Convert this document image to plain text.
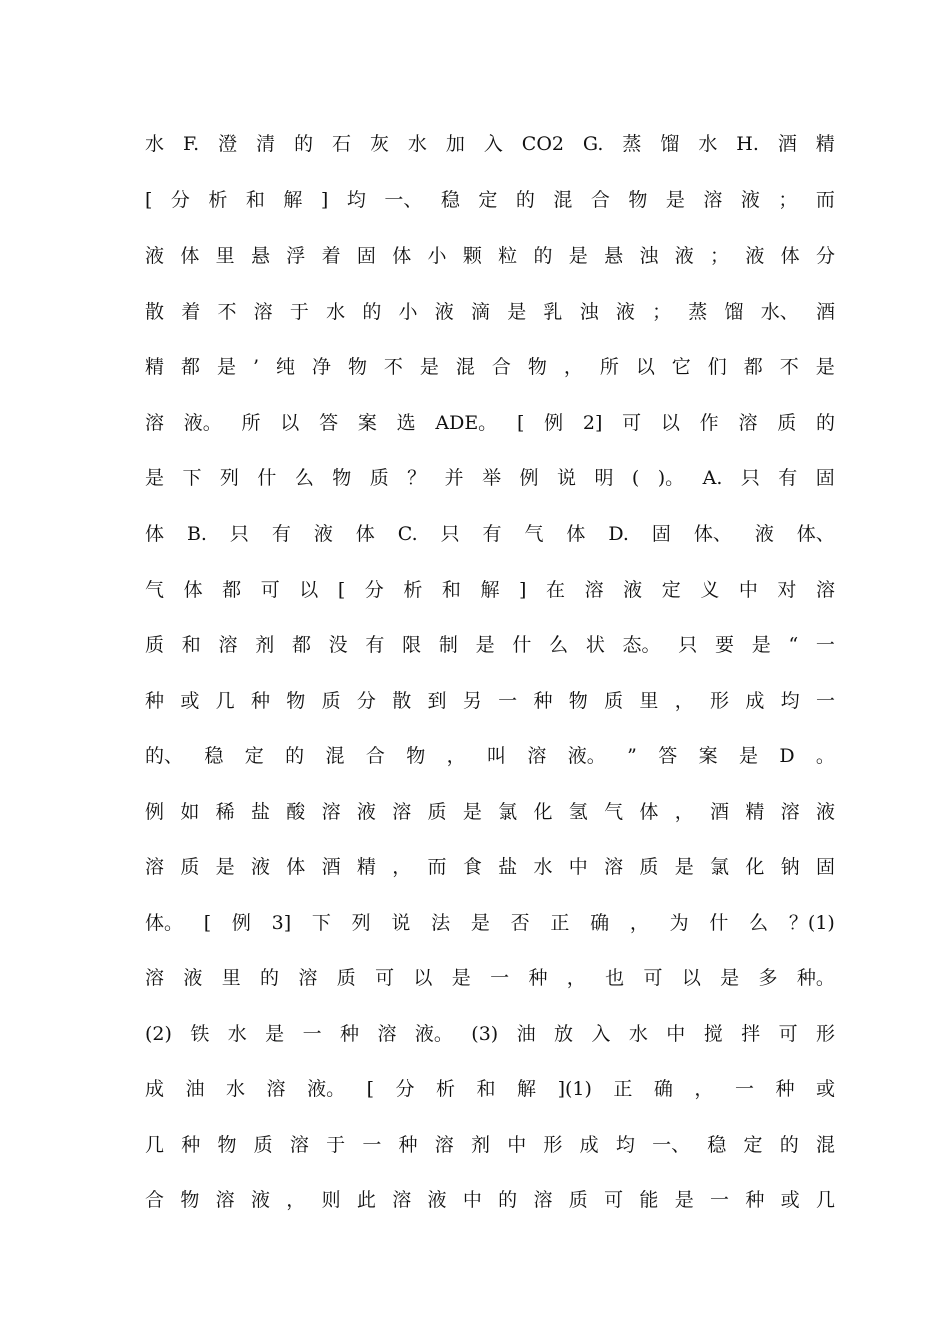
水 F. 澄 清 的 石 灰 水 加 入 CO2 G. 蒸 馏 水 H. 酒 精
[ 分 析 和 解 ] 均 一、 稳 定 的 混 合 物 是 溶 液 ； 而
液 体 里 悬 浮 着 固 体 小 颗 粒 的 是 悬 浊 液 ； 液 体 分
散 着 不 溶 于 水 的 小 液 滴 是 乳 浊 液 ； 蒸 馏 水、 酒
精 都 是 ’ 纯 净 物 不 是 混 合 物 ， 所 以 它 们 都 不 是
溶 液。 所 以 答 案 选 ADE。 [ 例 2] 可 以 作 溶 质 的
是 下 列 什 么 物 质 ？ 并 举 例 说 明 ( )。 A. 只 有 固
体 B. 只 有 液 体 C. 只 有 气 体 D. 固 体、 液 体、
气 体 都 可 以 [ 分 析 和 解 ] 在 溶 液 定 义 中 对 溶
质 和 溶 剂 都 没 有 限 制 是 什 么 状 态。 只 要 是 “ 一
种 或 几 种 物 质 分 散 到 另 一 种 物 质 里 ， 形 成 均 一
的、 稳 定 的 混 合 物 ， 叫 溶 液。 ” 答 案 是 D 。
例 如 稀 盐 酸 溶 液 溶 质 是 氯 化 氢 气 体 ， 酒 精 溶 液
溶 质 是 液 体 酒 精 ， 而 食 盐 水 中 溶 质 是 氯 化 钠 固
体。 [ 例 3] 下 列 说 法 是 否 正 确 ， 为 什 么 ？(1)
溶 液 里 的 溶 质 可 以 是 一 种 ， 也 可 以 是 多 种。
(2) 铁 水 是 一 种 溶 液。 (3) 油 放 入 水 中 搅 拌 可 形
成 油 水 溶 液。 [ 分 析 和 解 ](1) 正 确 ， 一 种 或
几 种 物 质 溶 于 一 种 溶 剂 中 形 成 均 一、 稳 定 的 混
合 物 溶 液 ， 则 此 溶 液 中 的 溶 质 可 能 是 一 种 或 几
